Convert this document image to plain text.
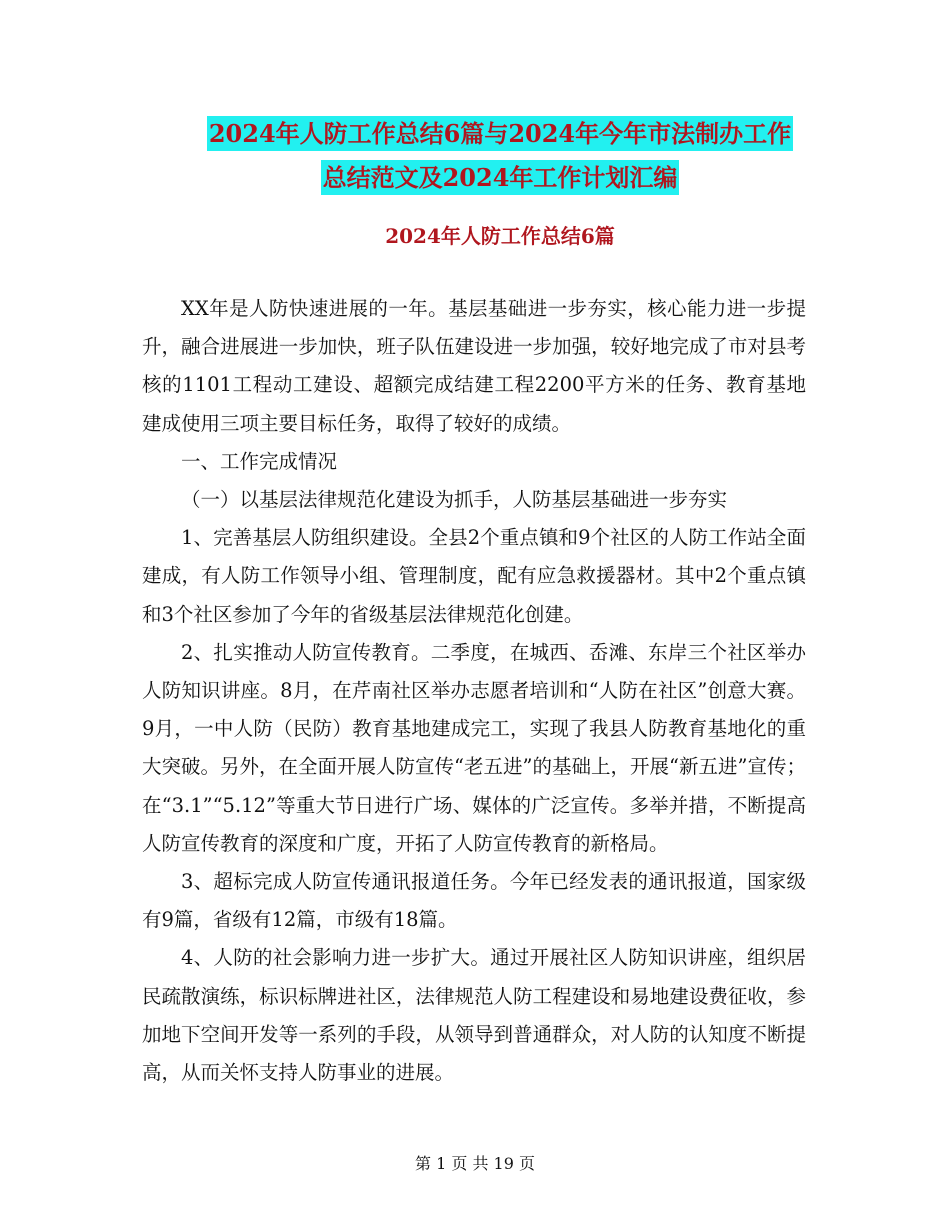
2024年人防工作总结6篇与2024年今年市法制办工作
总结范文及2024年工作计划汇编
2024年人防工作总结6篇

XX年是人防快速进展的一年。基层基础进一步夯实，核心能力进一步提升，融合进展进一步加快，班子队伍建设进一步加强，较好地完成了市对县考核的1101工程动工建设、超额完成结建工程2200平方米的任务、教育基地建成使用三项主要目标任务，取得了较好的成绩。

一、工作完成情况

（一）以基层法律规范化建设为抓手，人防基层基础进一步夯实

1、完善基层人防组织建设。全县2个重点镇和9个社区的人防工作站全面建成，有人防工作领导小组、管理制度，配有应急救援器材。其中2个重点镇和3个社区参加了今年的省级基层法律规范化创建。

2、扎实推动人防宣传教育。二季度，在城西、岙滩、东岸三个社区举办人防知识讲座。8月，在芹南社区举办志愿者培训和“人防在社区”创意大赛。9月，一中人防（民防）教育基地建成完工，实现了我县人防教育基地化的重大突破。另外，在全面开展人防宣传“老五进”的基础上，开展“新五进”宣传；在“3.1”“5.12”等重大节日进行广场、媒体的广泛宣传。多举并措，不断提高人防宣传教育的深度和广度，开拓了人防宣传教育的新格局。

3、超标完成人防宣传通讯报道任务。今年已经发表的通讯报道，国家级有9篇，省级有12篇，市级有18篇。

4、人防的社会影响力进一步扩大。通过开展社区人防知识讲座，组织居民疏散演练，标识标牌进社区，法律规范人防工程建设和易地建设费征收，参加地下空间开发等一系列的手段，从领导到普通群众，对人防的认知度不断提高，从而关怀支持人防事业的进展。

第 1 页 共 19 页
